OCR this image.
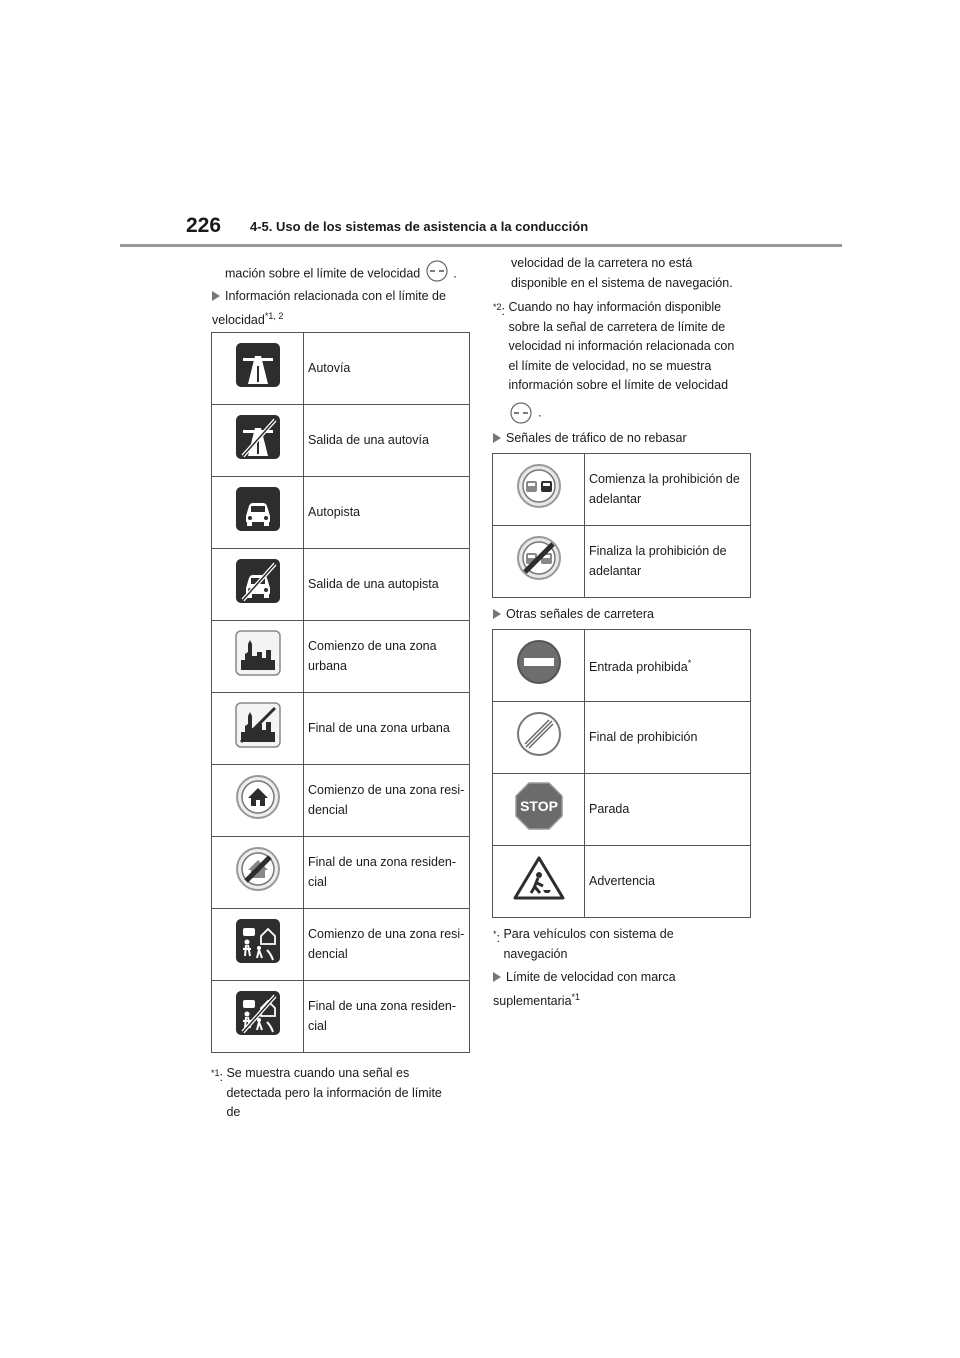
226 4-5. Uso de los sistemas de asistencia a la conducción
mación sobre el límite de velocidad	.
Información relacionada con el límite de velocidad$^{*1, 2}$
	Autovía

	Salida de una autovía

	Autopista

	Salida de una autopista

	Comienzo de una zona urbana

	Final de una zona urbana

	Comienzo de una zona resi-dencial

	Final de una zona residen-cial

	Comienzo de una zona resi-dencial

	Final de una zona residen-cial
$^{*1}$: Se muestra cuando una señal es detectada pero la información de límite de
velocidad de la carretera no está disponible en el sistema de navegación.
$^{*2}$: Cuando no hay información disponible sobre la señal de carretera de límite de velocidad ni información relacionada con el límite de velocidad, no se muestra información sobre el límite de velocidad
.
Señales de tráfico de no rebasar
	Comienza la prohibición de adelantar

	Finaliza la prohibición de adelantar
Otras señales de carretera
	Entrada prohibida*

	Final de prohibición

STOP	Parada

	Advertencia
*: Para vehículos con sistema de navegación
Límite de velocidad con marca suplementaria$^{*1}$
